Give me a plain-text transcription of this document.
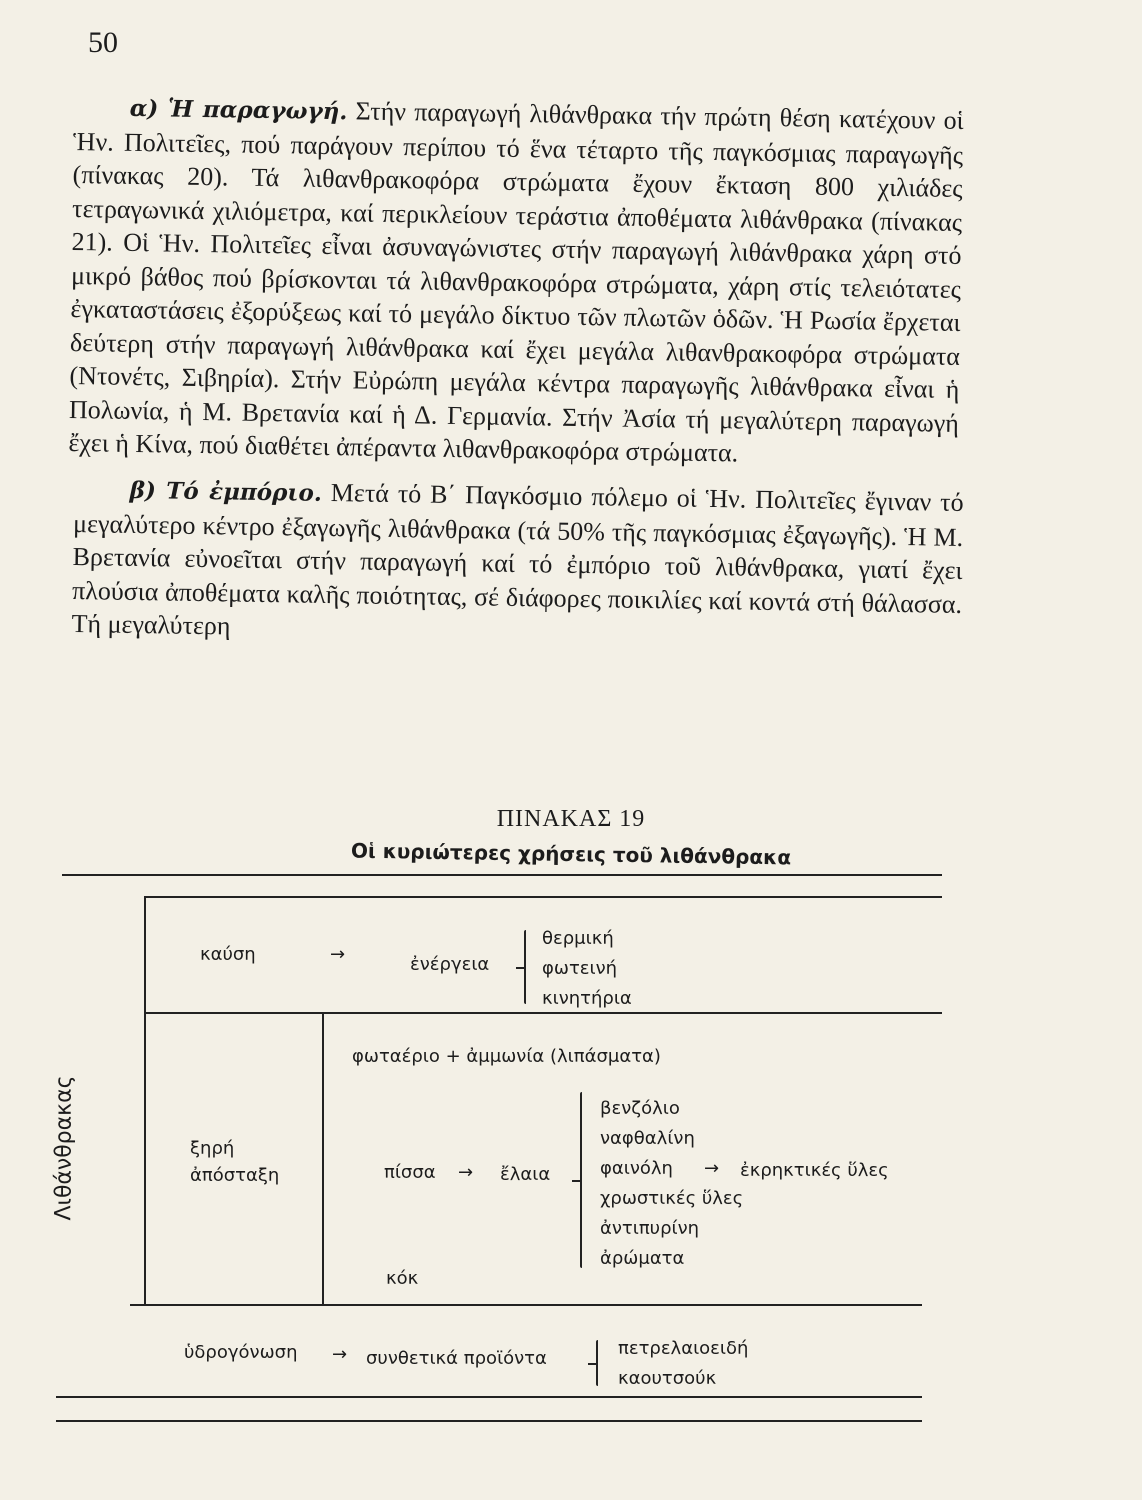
50

α) Ἡ παραγωγή. Στήν παραγωγή λιθάνθρακα τήν πρώτη θέση κατέχουν οἱ Ἡν. Πολιτεῖες, πού παράγουν περίπου τό ἕνα τέταρτο τῆς παγκόσμιας παραγωγῆς (πίνακας 20). Τά λιθανθρακοφόρα στρώματα ἔχουν ἔκταση 800 χιλιάδες τετραγωνικά χιλιόμετρα, καί περικλείουν τεράστια ἀποθέματα λιθάνθρακα (πίνακας 21). Οἱ Ἡν. Πολιτεῖες εἶναι ἀσυναγώνιστες στήν παραγωγή λιθάνθρακα χάρη στό μικρό βάθος πού βρίσκονται τά λιθανθρακοφόρα στρώματα, χάρη στίς τελειότατες ἐγκαταστάσεις ἐξορύξεως καί τό μεγάλο δίκτυο τῶν πλωτῶν ὁδῶν. Ἡ Ρωσία ἔρχεται δεύτερη στήν παραγωγή λιθάνθρακα καί ἔχει μεγάλα λιθανθρακοφόρα στρώματα (Ντονέτς, Σιβηρία). Στήν Εὐρώπη μεγάλα κέντρα παραγωγῆς λιθάνθρακα εἶναι ἡ Πολωνία, ἡ Μ. Βρετανία καί ἡ Δ. Γερμανία. Στήν Ἀσία τή μεγαλύτερη παραγωγή ἔχει ἡ Κίνα, πού διαθέτει ἀπέραντα λιθανθρακοφόρα στρώματα.

β) Τό ἐμπόριο. Μετά τό Β΄ Παγκόσμιο πόλεμο οἱ Ἡν. Πολιτεῖες ἔγιναν τό μεγαλύτερο κέντρο ἐξαγωγῆς λιθάνθρακα (τά 50% τῆς παγκόσμιας ἐξαγωγῆς). Ἡ Μ. Βρετανία εὐνοεῖται στήν παραγωγή καί τό ἐμπόριο τοῦ λιθάνθρακα, γιατί ἔχει πλούσια ἀποθέματα καλῆς ποιότητας, σέ διάφορες ποικιλίες καί κοντά στή θάλασσα. Τή μεγαλύτερη

ΠΙΝΑΚΑΣ 19
Οἱ κυριώτερες χρήσεις τοῦ λιθάνθρακα
Λιθάνθρακας
καύση	→	ἐνέργεια
θερμική
φωτεινή
κινητήρια
ξηρή
ἀπόσταξη
φωταέριο + ἀμμωνία (λιπάσματα)
πίσσα → ἔλαια
βενζόλιο
ναφθαλίνη
φαινόλη → ἐκρηκτικές ὕλες
χρωστικές ὕλες
ἀντιπυρίνη
ἀρώματα
κόκ
ὑδρογόνωση → συνθετικά προϊόντα	πετρελαιοειδή
καουτσούκ
